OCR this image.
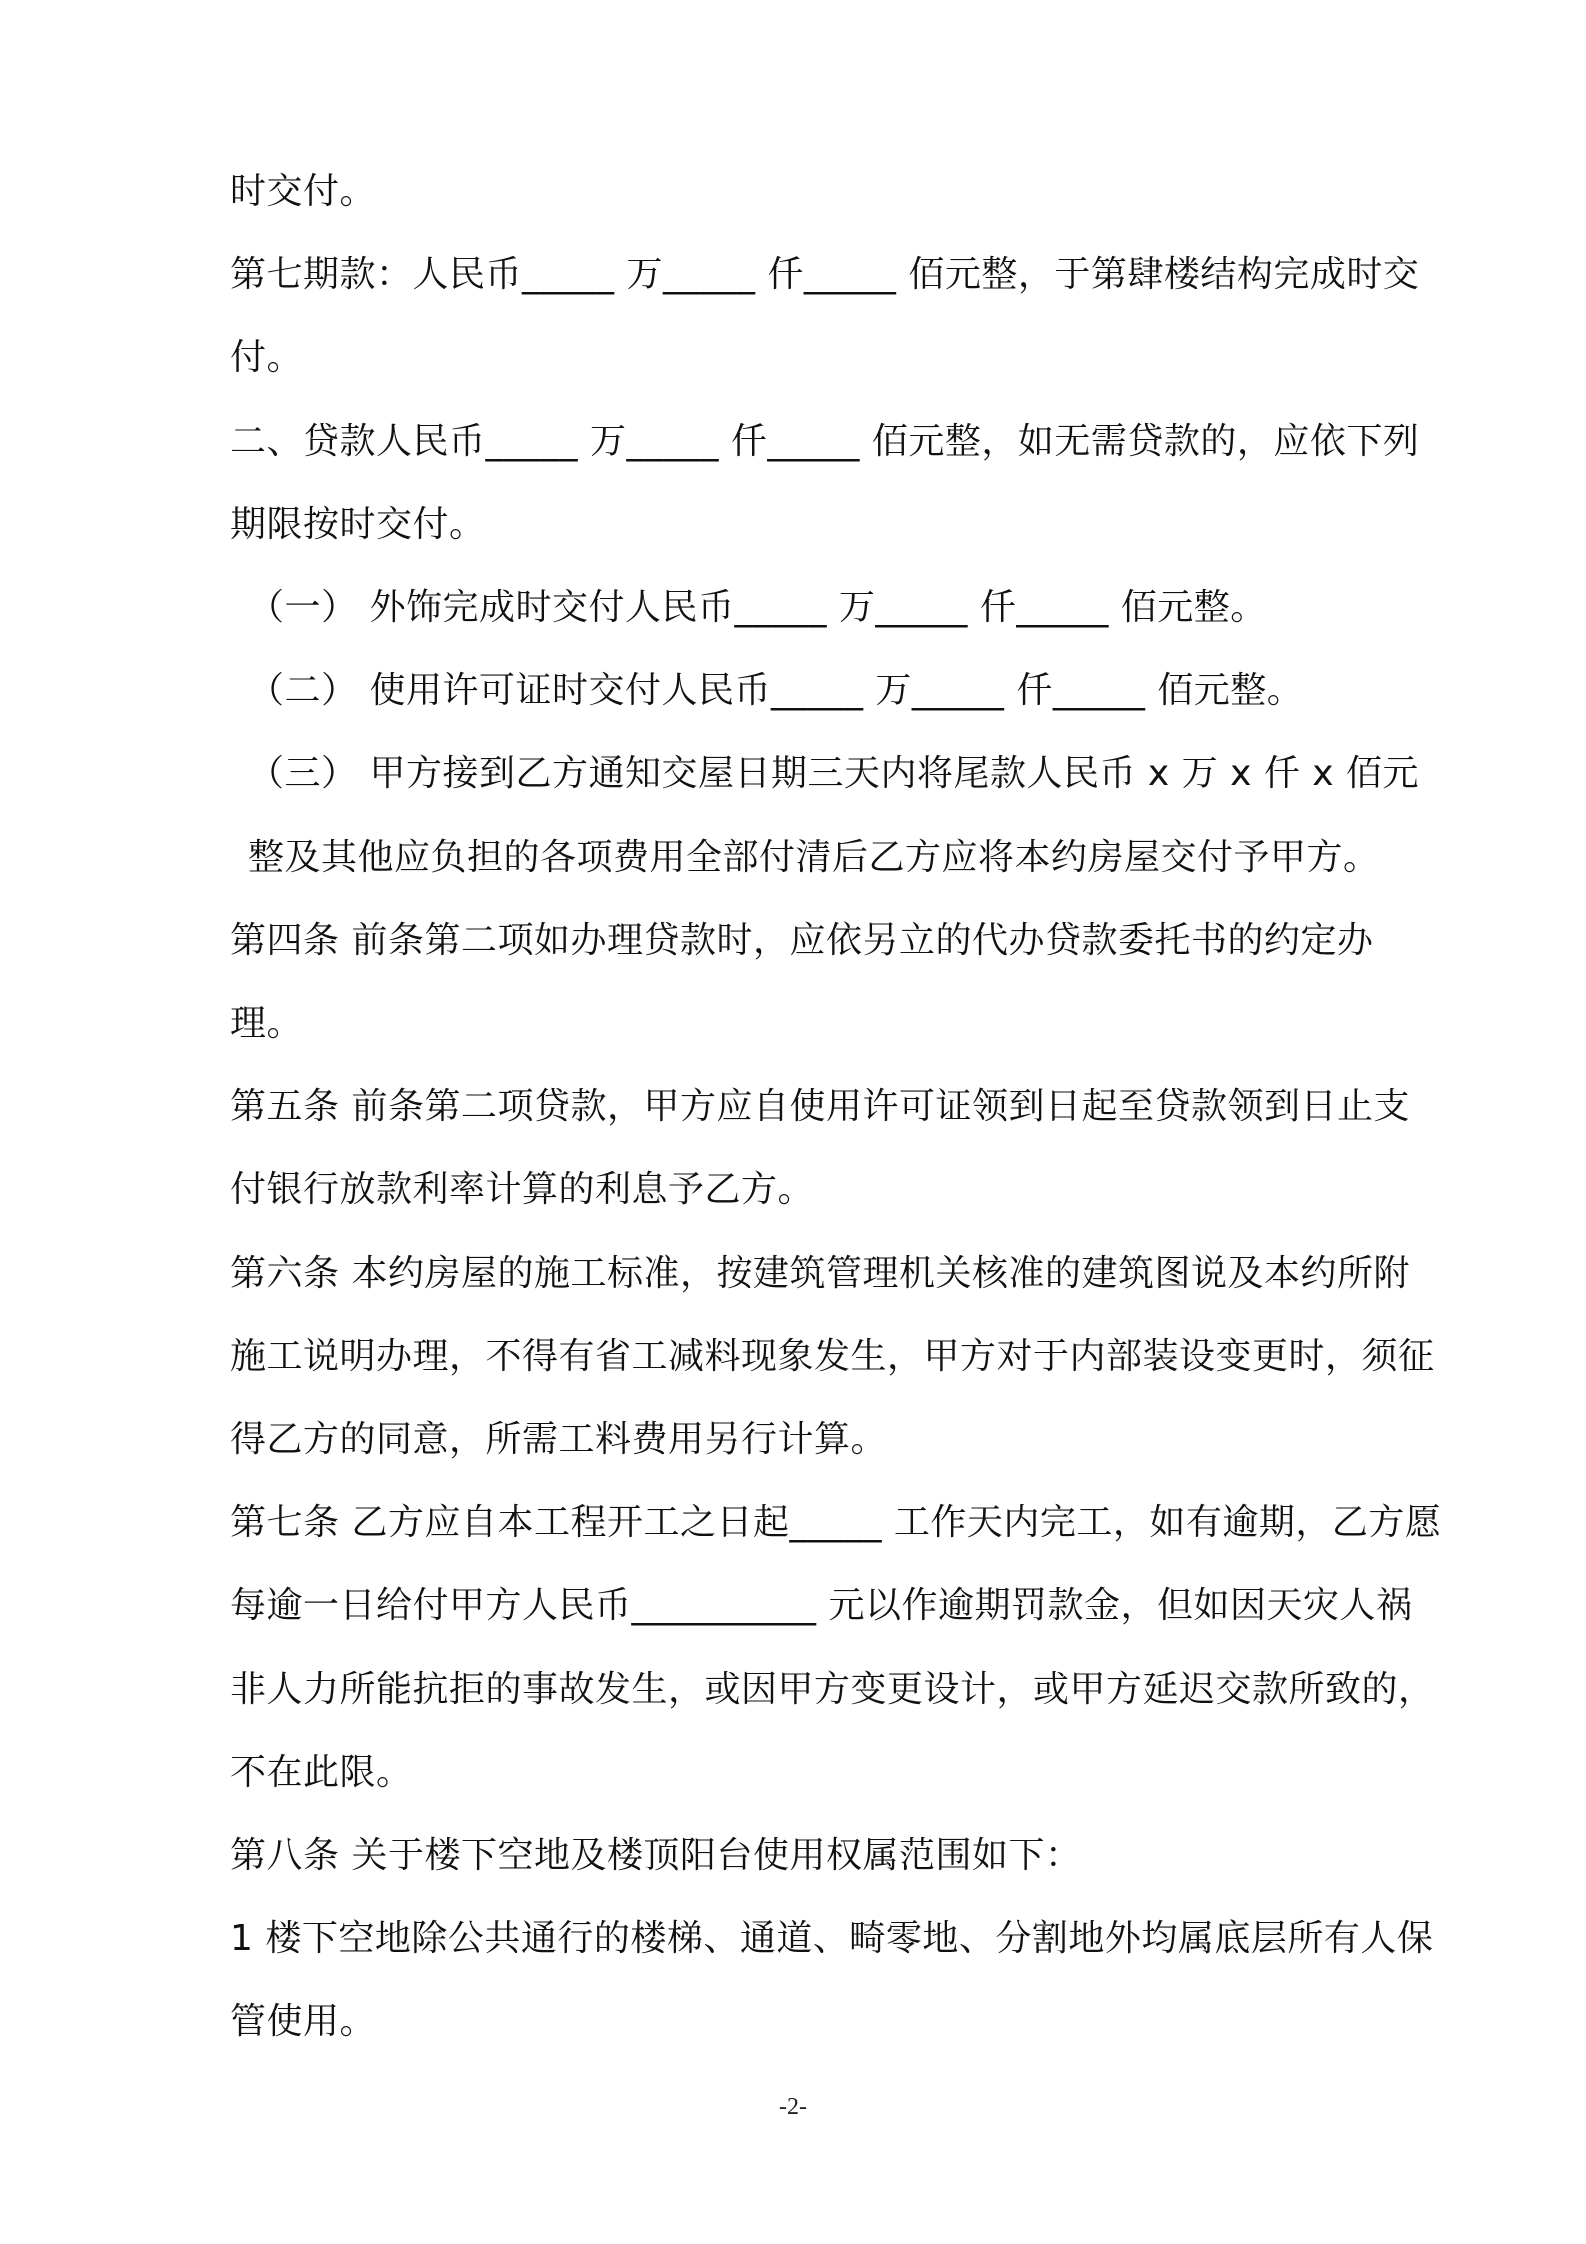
时交付。

第七期款：人民币_____ 万_____ 仟_____ 佰元整，于第肆楼结构完成时交付。

二、贷款人民币_____ 万_____ 仟_____ 佰元整，如无需贷款的，应依下列期限按时交付。

（一） 外饰完成时交付人民币_____ 万_____ 仟_____ 佰元整。

（二） 使用许可证时交付人民币_____ 万_____ 仟_____ 佰元整。

（三） 甲方接到乙方通知交屋日期三天内将尾款人民币 x 万 x 仟 x 佰元整及其他应负担的各项费用全部付清后乙方应将本约房屋交付予甲方。

第四条 前条第二项如办理贷款时，应依另立的代办贷款委托书的约定办理。

第五条 前条第二项贷款，甲方应自使用许可证领到日起至贷款领到日止支付银行放款利率计算的利息予乙方。

第六条 本约房屋的施工标准，按建筑管理机关核准的建筑图说及本约所附施工说明办理，不得有省工减料现象发生，甲方对于内部装设变更时，须征得乙方的同意，所需工料费用另行计算。

第七条 乙方应自本工程开工之日起_____ 工作天内完工，如有逾期，乙方愿每逾一日给付甲方人民币__________ 元以作逾期罚款金，但如因天灾人祸非人力所能抗拒的事故发生，或因甲方变更设计，或甲方延迟交款所致的，不在此限。

第八条 关于楼下空地及楼顶阳台使用权属范围如下：

1 楼下空地除公共通行的楼梯、通道、畸零地、分割地外均属底层所有人保管使用。

-2-
